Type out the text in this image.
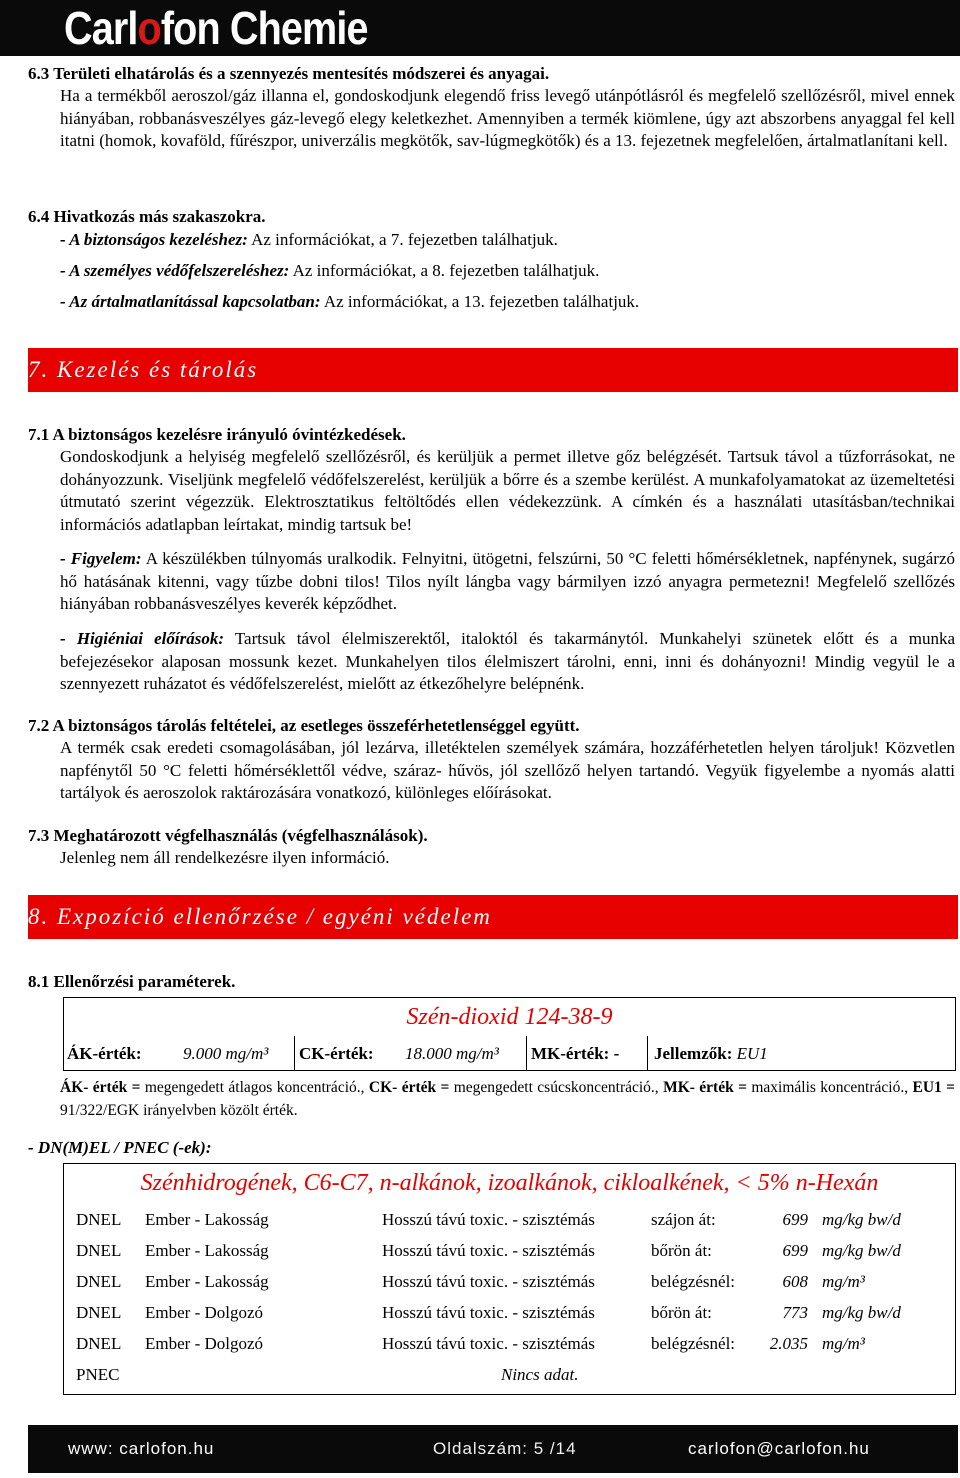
Carlofon Chemie
6.3 Területi elhatárolás és a szennyezés mentesítés módszerei és anyagai.
Ha a termékből aeroszol/gáz illanna el, gondoskodjunk elegendő friss levegő utánpótlásról és megfelelő szellőzésről, mivel ennek hiányában, robbanásveszélyes gáz-levegő elegy keletkezhet. Amennyiben a termék kiömlene, úgy azt abszorbens anyaggal fel kell itatni (homok, kovaföld, fűrészpor, univerzális megkötők, sav-lúgmegkötők) és a 13. fejezetnek megfelelően, ártalmatlanítani kell.
6.4 Hivatkozás más szakaszokra.
- A biztonságos kezeléshez: Az információkat, a 7. fejezetben találhatjuk.
- A személyes védőfelszereléshez: Az információkat, a 8. fejezetben találhatjuk.
- Az ártalmatlanítással kapcsolatban: Az információkat, a 13. fejezetben találhatjuk.
7. Kezelés és tárolás
7.1 A biztonságos kezelésre irányuló óvintézkedések.
Gondoskodjunk a helyiség megfelelő szellőzésről, és kerüljük a permet illetve gőz belégzését. Tartsuk távol a tűzforrásokat, ne dohányozzunk. Viseljünk megfelelő védőfelszerelést, kerüljük a bőrre és a szembe kerülést. A munkafolyamatokat az üzemeltetési útmutató szerint végezzük. Elektrosztatikus feltöltődés ellen védekezzünk. A címkén és a használati utasításban/technikai információs adatlapban leírtakat, mindig tartsuk be!
- Figyelem: A készülékben túlnyomás uralkodik. Felnyitni, ütögetni, felszúrni, 50 °C feletti hőmérsékletnek, napfénynek, sugárzó hő hatásának kitenni, vagy tűzbe dobni tilos! Tilos nyílt lángba vagy bármilyen izzó anyagra permetezni! Megfelelő szellőzés hiányában robbanásveszélyes keverék képződhet.
- Higiéniai előírások: Tartsuk távol élelmiszerektől, italoktól és takarmánytól. Munkahelyi szünetek előtt és a munka befejezésekor alaposan mossunk kezet. Munkahelyen tilos élelmiszert tárolni, enni, inni és dohányozni! Mindig vegyül le a szennyezett ruházatot és védőfelszerelést, mielőtt az étkezőhelyre belépnénk.
7.2 A biztonságos tárolás feltételei, az esetleges összeférhetetlenséggel együtt.
A termék csak eredeti csomagolásában, jól lezárva, illetéktelen személyek számára, hozzáférhetetlen helyen tároljuk! Közvetlen napfénytől 50 °C feletti hőmérséklettől védve, száraz- hűvös, jól szellőző helyen tartandó. Vegyük figyelembe a nyomás alatti tartályok és aeroszolok raktározására vonatkozó, különleges előírásokat.
7.3 Meghatározott végfelhasználás (végfelhasználások).
Jelenleg nem áll rendelkezésre ilyen információ.
8. Expozíció ellenőrzése / egyéni védelem
8.1 Ellenőrzési paraméterek.
Szén-dioxid 124-38-9
ÁK-érték: 9.000 mg/m³ CK-érték: 18.000 mg/m³ MK-érték: - Jellemzők: EU1
ÁK- érték = megengedett átlagos koncentráció., CK- érték = megengedett csúcskoncentráció., MK- érték = maximális koncentráció., EU1 = 91/322/EGK irányelvben közölt érték.
- DN(M)EL / PNEC (-ek):
Szénhidrogének, C6-C7, n-alkánok, izoalkánok, cikloalkének, < 5% n-Hexán
DNEL Ember - Lakosság	Hosszú távú toxic. - szisztémás	szájon át:	699 mg/kg bw/d
DNEL Ember - Lakosság	Hosszú távú toxic. - szisztémás	bőrön át:	699 mg/kg bw/d
DNEL Ember - Lakosság	Hosszú távú toxic. - szisztémás	belégzésnél:	608 mg/m³
DNEL Ember - Dolgozó	Hosszú távú toxic. - szisztémás	bőrön át:	773 mg/kg bw/d
DNEL Ember - Dolgozó	Hosszú távú toxic. - szisztémás	belégzésnél:	2.035 mg/m³
PNEC	Nincs adat.
www: carlofon.hu	Oldalszám: 5 /14	carlofon@carlofon.hu
